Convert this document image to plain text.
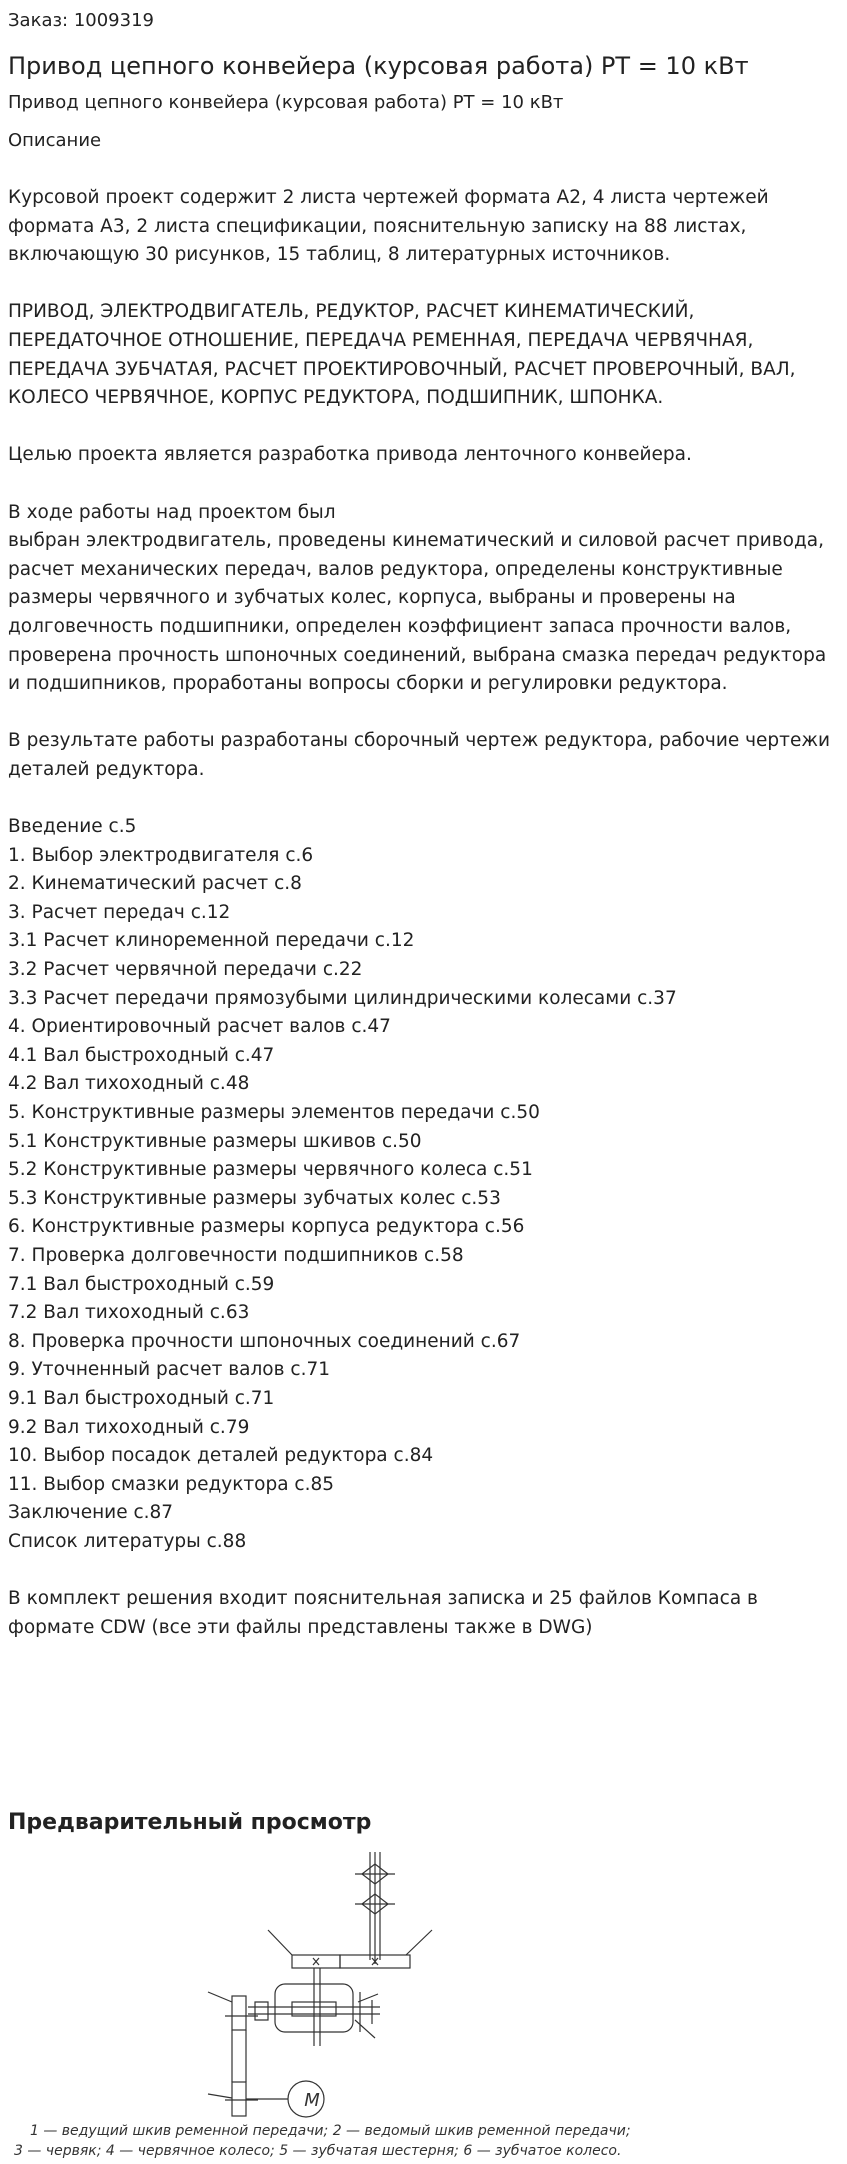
Заказ: 1009319
Привод цепного конвейера (курсовая работа) PT = 10 кВт
Привод цепного конвейера (курсовая работа) PT = 10 кВт
Описание

Курсовой проект содержит 2 листа чертежей формата А2, 4 листа чертежей формата А3, 2 листа спецификации, пояснительную записку на 88 листах, включающую 30 рисунков, 15 таблиц, 8 литературных источников.

ПРИВОД, ЭЛЕКТРОДВИГАТЕЛЬ, РЕДУКТОР, РАСЧЕТ КИНЕМАТИЧЕСКИЙ, ПЕРЕДАТОЧНОЕ ОТНОШЕНИЕ, ПЕРЕДАЧА РЕМЕННАЯ, ПЕРЕДАЧА ЧЕРВЯЧНАЯ, ПЕРЕДАЧА ЗУБЧАТАЯ, РАСЧЕТ ПРОЕКТИРОВОЧНЫЙ, РАСЧЕТ ПРОВЕРОЧНЫЙ, ВАЛ, КОЛЕСО ЧЕРВЯЧНОЕ, КОРПУС РЕДУКТОРА, ПОДШИПНИК, ШПОНКА.

Целью проекта является разработка привода ленточного конвейера.

В ходе работы над проектом был
выбран электродвигатель, проведены кинематический и силовой расчет привода, расчет механических передач, валов редуктора, определены конструктивные размеры червячного и зубчатых колес, корпуса, выбраны и проверены на долговечность подшипники, определен коэффициент запаса прочности валов, проверена прочность шпоночных соединений, выбрана смазка передач редуктора и подшипников, проработаны вопросы сборки и регулировки редуктора.

В результате работы разработаны сборочный чертеж редуктора, рабочие чертежи деталей редуктора.

Введение с.5
1. Выбор электродвигателя с.6
2. Кинематический расчет с.8
3. Расчет передач с.12
3.1 Расчет клиноременной передачи с.12
3.2 Расчет червячной передачи с.22
3.3 Расчет передачи прямозубыми цилиндрическими колесами с.37
4. Ориентировочный расчет валов с.47
4.1 Вал быстроходный с.47
4.2 Вал тихоходный с.48
5. Конструктивные размеры элементов передачи с.50
5.1 Конструктивные размеры шкивов с.50
5.2 Конструктивные размеры червячного колеса с.51
5.3 Конструктивные размеры зубчатых колес с.53
6. Конструктивные размеры корпуса редуктора с.56
7. Проверка долговечности подшипников с.58
7.1 Вал быстроходный с.59
7.2 Вал тихоходный с.63
8. Проверка прочности шпоночных соединений с.67
9. Уточненный расчет валов с.71
9.1 Вал быстроходный с.71
9.2 Вал тихоходный с.79
10. Выбор посадок деталей редуктора с.84
11. Выбор смазки редуктора с.85
Заключение с.87
Список литературы с.88

В комплект решения входит пояснительная записка и 25 файлов Компаса в формате CDW (все эти файлы представлены также в DWG)

Предварительный просмотр
M
1 — ведущий шкив ременной передачи; 2 — ведомый шкив ременной передачи;
3 — червяк; 4 — червячное колесо; 5 — зубчатая шестерня; 6 — зубчатое колесо.
